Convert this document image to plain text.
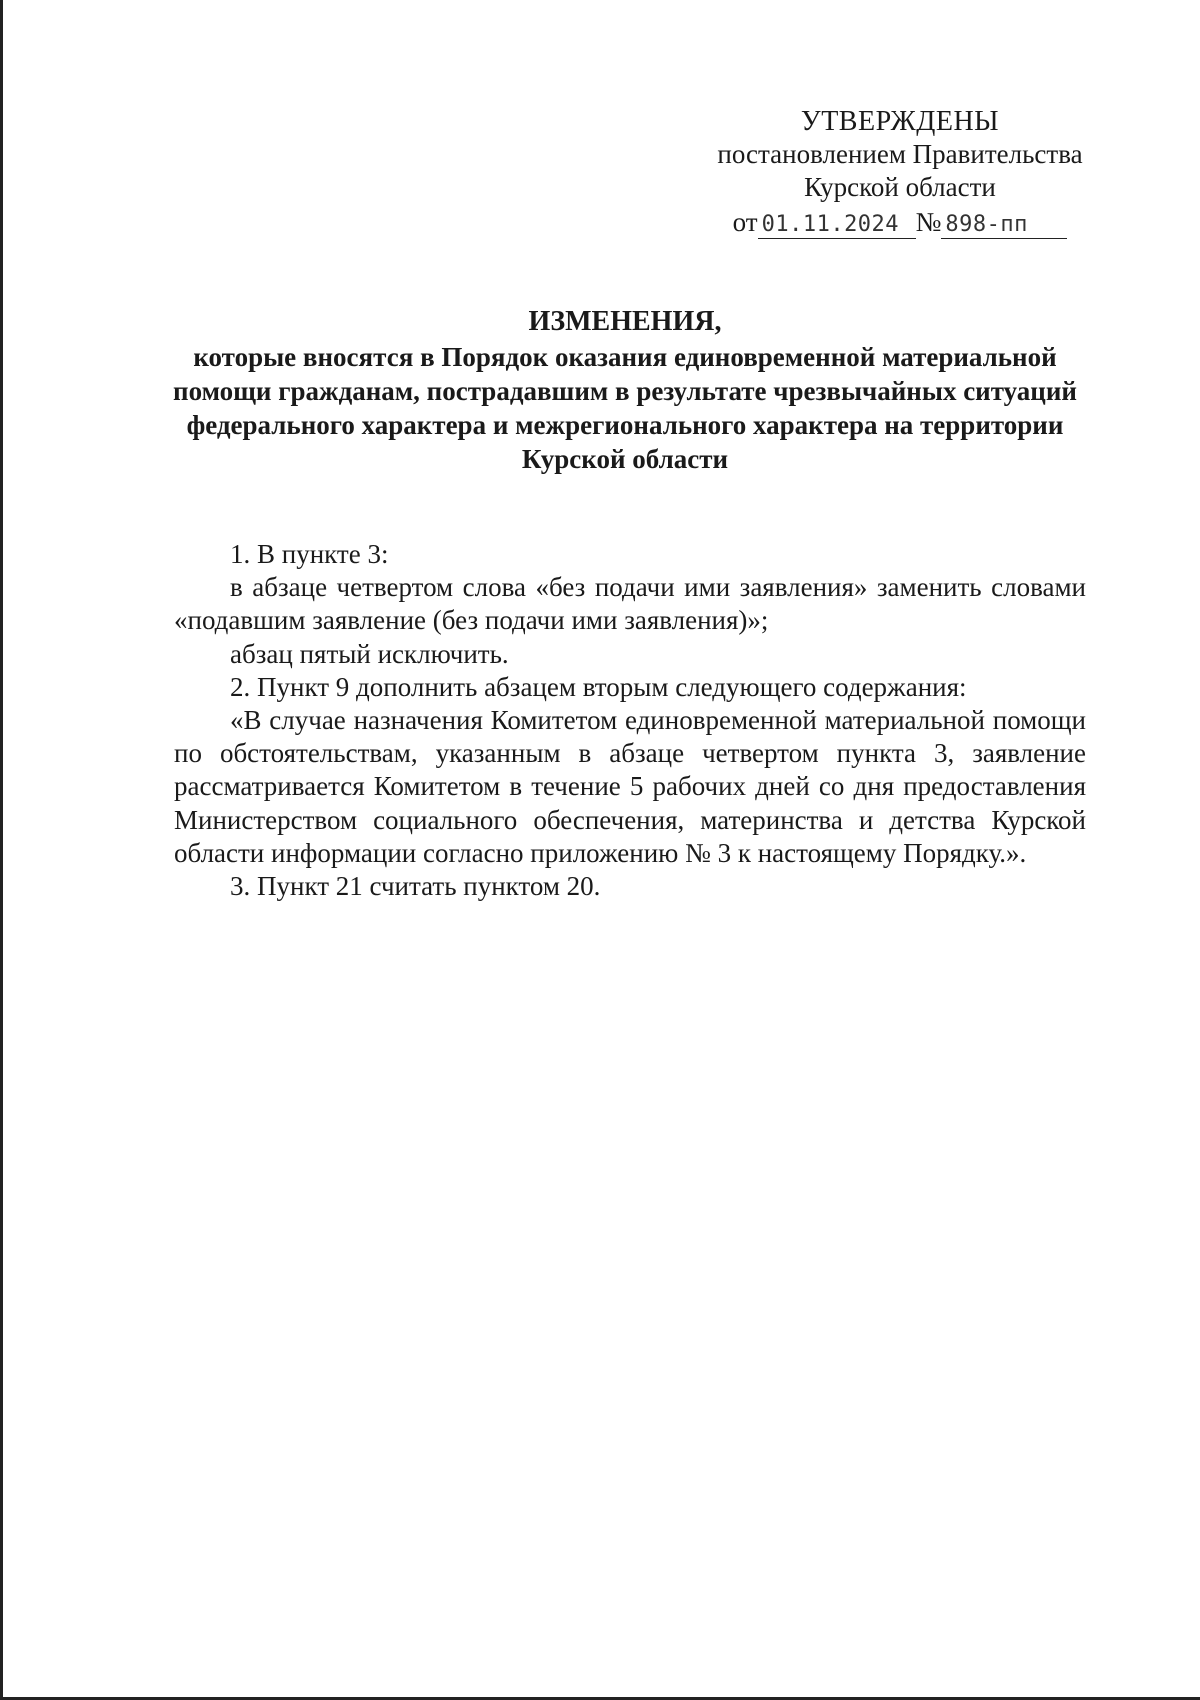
УТВЕРЖДЕНЫ
постановлением Правительства
Курской области
от 01.11.2024 № 898-пп
ИЗМЕНЕНИЯ,
которые вносятся в Порядок оказания единовременной материальной помощи гражданам, пострадавшим в результате чрезвычайных ситуаций федерального характера и межрегионального характера на территории Курской области

1. В пункте 3:

в абзаце четвертом слова «без подачи ими заявления» заменить словами «подавшим заявление (без подачи ими заявления)»;

абзац пятый исключить.

2. Пункт 9 дополнить абзацем вторым следующего содержания:

«В случае назначения Комитетом единовременной материальной помощи по обстоятельствам, указанным в абзаце четвертом пункта 3, заявление рассматривается Комитетом в течение 5 рабочих дней со дня предоставления Министерством социального обеспечения, материнства и детства Курской области информации согласно приложению № 3 к настоящему Порядку.».

3. Пункт 21 считать пунктом 20.
